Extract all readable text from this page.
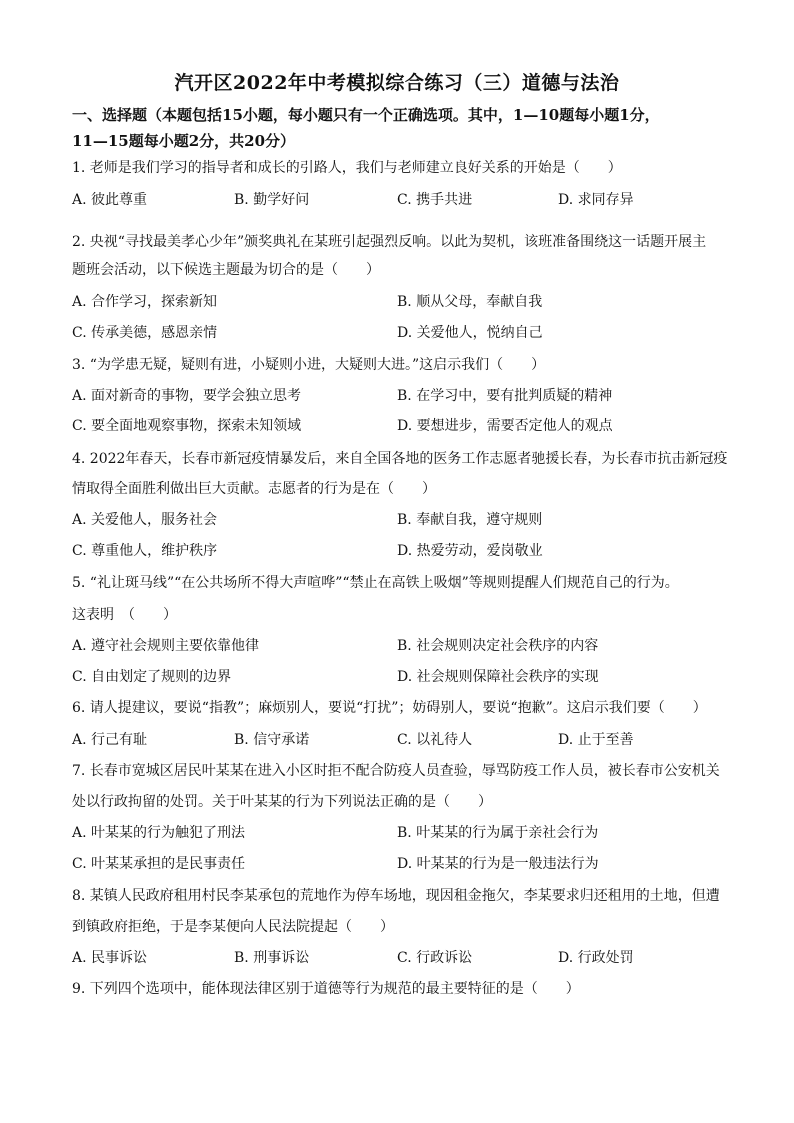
汽开区2022年中考模拟综合练习（三）道德与法治
一、选择题（本题包括15小题，每小题只有一个正确选项。其中，1—10题每小题1分，
11—15题每小题2分，共20分）
1. 老师是我们学习的指导者和成长的引路人，我们与老师建立良好关系的开始是（　　）
A. 彼此尊重	B. 勤学好问	C. 携手共进	D. 求同存异
2. 央视“寻找最美孝心少年”颁奖典礼在某班引起强烈反响。以此为契机，该班准备围绕这一话题开展主
题班会活动，以下候选主题最为切合的是（　　）
A. 合作学习，探索新知	B. 顺从父母，奉献自我
C. 传承美德，感恩亲情	D. 关爱他人，悦纳自己
3. “为学患无疑，疑则有进，小疑则小进，大疑则大进。”这启示我们（　　）
A. 面对新奇的事物，要学会独立思考	B. 在学习中，要有批判质疑的精神
C. 要全面地观察事物，探索未知领域	D. 要想进步，需要否定他人的观点
4. 2022年春天，长春市新冠疫情暴发后，来自全国各地的医务工作志愿者驰援长春，为长春市抗击新冠疫
情取得全面胜利做出巨大贡献。志愿者的行为是在（　　）
A. 关爱他人，服务社会	B. 奉献自我，遵守规则
C. 尊重他人，维护秩序	D. 热爱劳动，爱岗敬业
5. “礼让斑马线”“在公共场所不得大声喧哗”“禁止在高铁上吸烟”等规则提醒人们规范自己的行为。
这表明　（　　）
A. 遵守社会规则主要依靠他律	B. 社会规则决定社会秩序的内容
C. 自由划定了规则的边界	D. 社会规则保障社会秩序的实现
6. 请人提建议，要说“指教”；麻烦别人，要说“打扰”；妨碍别人，要说“抱歉”。这启示我们要（　　）
A. 行己有耻	B. 信守承诺	C. 以礼待人	D. 止于至善
7. 长春市宽城区居民叶某某在进入小区时拒不配合防疫人员查验，辱骂防疫工作人员，被长春市公安机关
处以行政拘留的处罚。关于叶某某的行为下列说法正确的是（　　）
A. 叶某某的行为触犯了刑法	B. 叶某某的行为属于亲社会行为
C. 叶某某承担的是民事责任	D. 叶某某的行为是一般违法行为
8. 某镇人民政府租用村民李某承包的荒地作为停车场地，现因租金拖欠，李某要求归还租用的土地，但遭
到镇政府拒绝，于是李某便向人民法院提起（　　）
A. 民事诉讼	B. 刑事诉讼	C. 行政诉讼	D. 行政处罚
9. 下列四个选项中，能体现法律区别于道德等行为规范的最主要特征的是（　　）
